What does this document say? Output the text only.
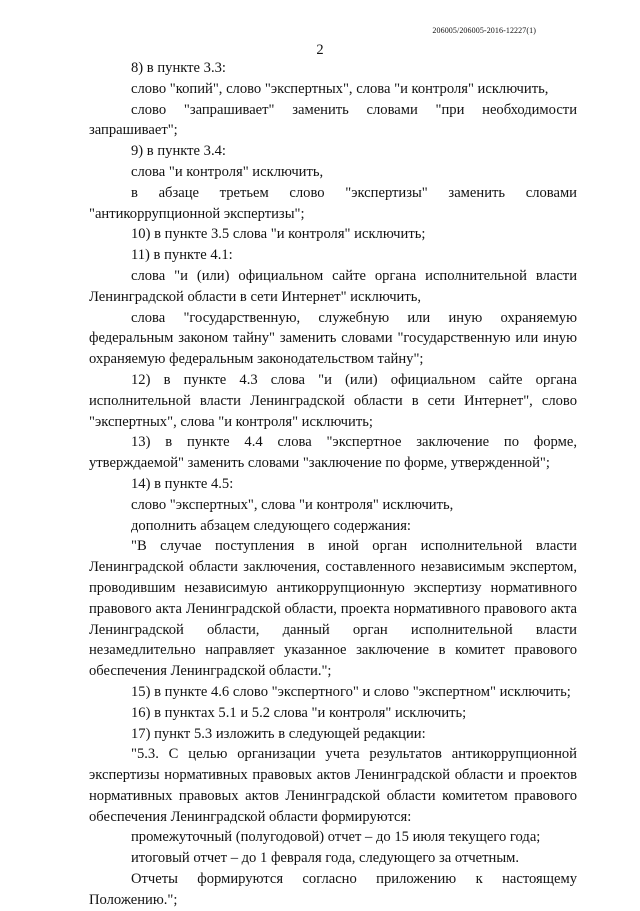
206005/206005-2016-12227(1)
2

8) в пункте 3.3:

слово "копий", слово "экспертных", слова "и контроля" исключить,

слово "запрашивает" заменить словами "при необходимости запрашивает";

9) в пункте 3.4:

слова "и контроля" исключить,

в абзаце третьем слово "экспертизы" заменить словами "антикоррупционной экспертизы";

10) в пункте 3.5 слова "и контроля" исключить;

11) в пункте 4.1:

слова "и (или) официальном сайте органа исполнительной власти Ленинградской области в сети Интернет" исключить,

слова "государственную, служебную или иную охраняемую федеральным законом тайну" заменить словами "государственную или иную охраняемую федеральным законодательством тайну";

12) в пункте 4.3 слова "и (или) официальном сайте органа исполнительной власти Ленинградской области в сети Интернет", слово "экспертных", слова "и контроля" исключить;

13) в пункте 4.4 слова "экспертное заключение по форме, утверждаемой" заменить словами "заключение по форме, утвержденной";

14) в пункте 4.5:

слово "экспертных", слова "и контроля" исключить,

дополнить абзацем следующего содержания:

"В случае поступления в иной орган исполнительной власти Ленинградской области заключения, составленного независимым экспертом, проводившим независимую антикоррупционную экспертизу нормативного правового акта Ленинградской области, проекта нормативного правового акта Ленинградской области, данный орган исполнительной власти незамедлительно направляет указанное заключение в комитет правового обеспечения Ленинградской области.";

15) в пункте 4.6 слово "экспертного" и слово "экспертном" исключить;

16) в пунктах 5.1 и 5.2 слова "и контроля" исключить;

17) пункт 5.3 изложить в следующей редакции:

"5.3. С целью организации учета результатов антикоррупционной экспертизы нормативных правовых актов Ленинградской области и проектов нормативных правовых актов Ленинградской области комитетом правового обеспечения Ленинградской области формируются:

промежуточный (полугодовой) отчет – до 15 июля текущего года;

итоговый отчет – до 1 февраля года, следующего за отчетным.

Отчеты формируются согласно приложению к настоящему Положению.";
